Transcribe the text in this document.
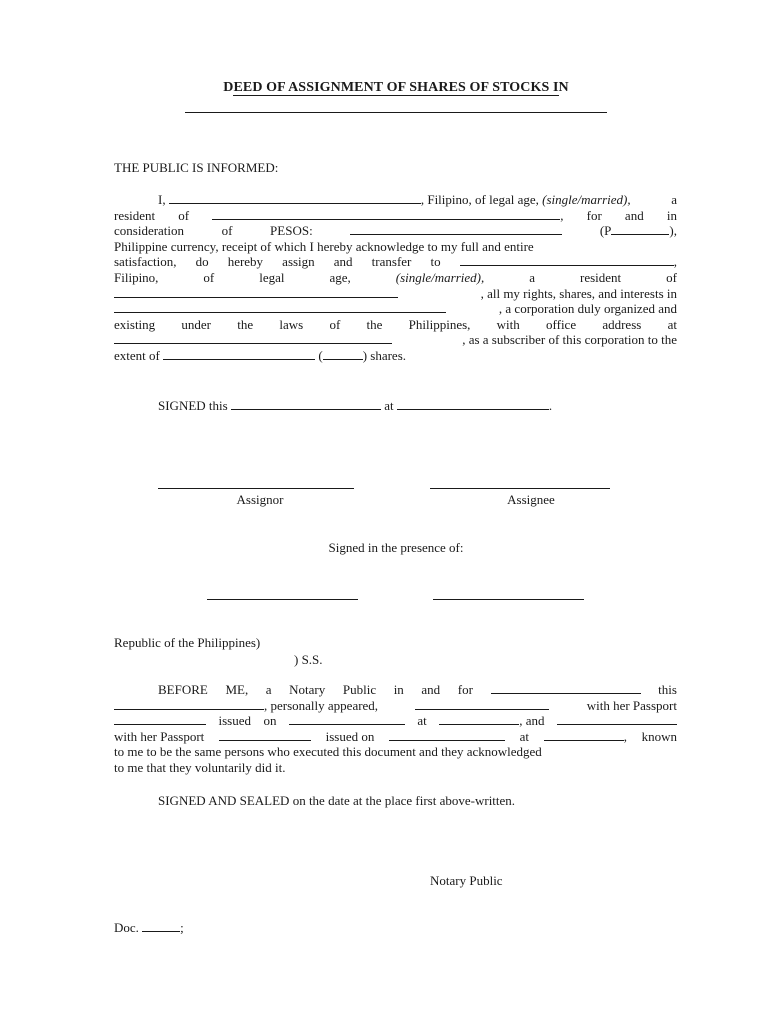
DEED OF ASSIGNMENT OF SHARES OF STOCKS IN
THE PUBLIC IS INFORMED:
I,	, Filipino, of legal age, (single/married),	a
resident of	, for and in
consideration	of	PESOS:	(P	),
Philippine currency, receipt of which I hereby acknowledge to my full and entire
satisfaction, do hereby assign and transfer to	,
Filipino,	of	legal	age,	(single/married),	a	resident	of
, all my rights, shares, and interests in
, a corporation duly organized and
existing under the laws of the Philippines, with office address at
, as a subscriber of this corporation to the
extent of

	(	) shares.
SIGNED this	at	.
Assignor	Assignee
Signed in the presence of:
Republic of the Philippines)
) S.S.
BEFORE ME, a Notary Public in and for	this
, personally appeared,	with her Passport
issued on	at	, and
with her Passport	issued on	at	, known
to me to be the same persons who executed this document and they acknowledged
to me that they voluntarily did it.
SIGNED AND SEALED on the date at the place first above-written.
Notary Public
Doc.	;
